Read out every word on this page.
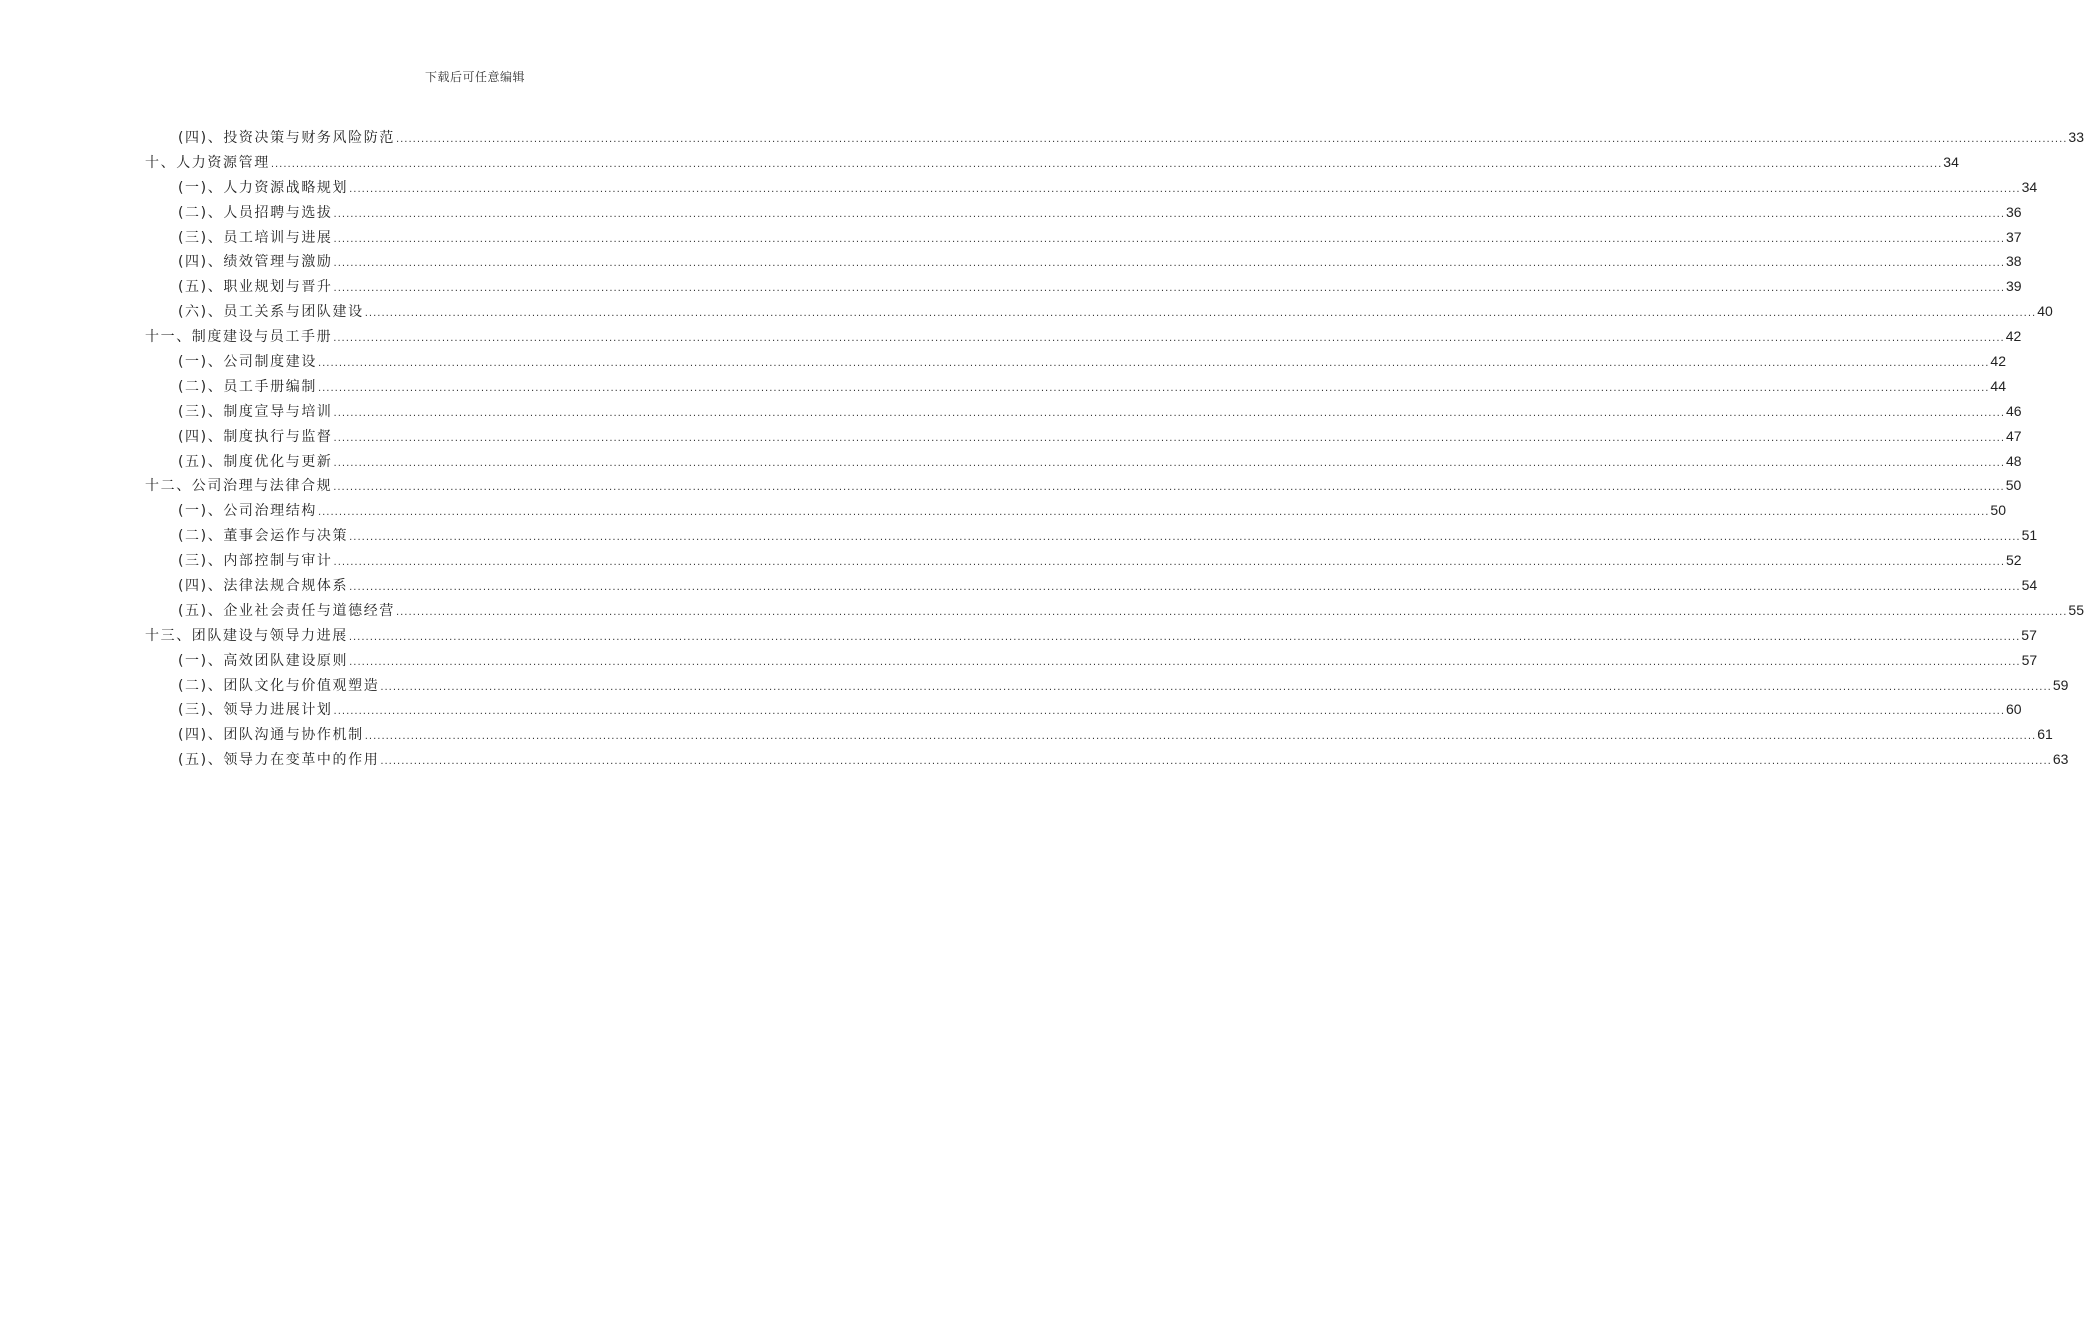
下载后可任意编辑
(四)、投资决策与财务风险防范 ................................................................................................................................................................................................................................................................................................................................................................................................................ 33
十、人力资源管理 ................................................................................................................................................................................................................................................................................................................................................................................................................ 34
(一)、人力资源战略规划 ................................................................................................................................................................................................................................................................................................................................................................................................................ 34
(二)、人员招聘与选拔 ................................................................................................................................................................................................................................................................................................................................................................................................................ 36
(三)、员工培训与进展 ................................................................................................................................................................................................................................................................................................................................................................................................................ 37
(四)、绩效管理与激励 ................................................................................................................................................................................................................................................................................................................................................................................................................ 38
(五)、职业规划与晋升 ................................................................................................................................................................................................................................................................................................................................................................................................................ 39
(六)、员工关系与团队建设 ................................................................................................................................................................................................................................................................................................................................................................................................................ 40
十一、制度建设与员工手册 ................................................................................................................................................................................................................................................................................................................................................................................................................ 42
(一)、公司制度建设 ................................................................................................................................................................................................................................................................................................................................................................................................................ 42
(二)、员工手册编制 ................................................................................................................................................................................................................................................................................................................................................................................................................ 44
(三)、制度宣导与培训 ................................................................................................................................................................................................................................................................................................................................................................................................................ 46
(四)、制度执行与监督 ................................................................................................................................................................................................................................................................................................................................................................................................................ 47
(五)、制度优化与更新 ................................................................................................................................................................................................................................................................................................................................................................................................................ 48
十二、公司治理与法律合规 ................................................................................................................................................................................................................................................................................................................................................................................................................ 50
(一)、公司治理结构 ................................................................................................................................................................................................................................................................................................................................................................................................................ 50
(二)、董事会运作与决策 ................................................................................................................................................................................................................................................................................................................................................................................................................ 51
(三)、内部控制与审计 ................................................................................................................................................................................................................................................................................................................................................................................................................ 52
(四)、法律法规合规体系 ................................................................................................................................................................................................................................................................................................................................................................................................................ 54
(五)、企业社会责任与道德经营 ................................................................................................................................................................................................................................................................................................................................................................................................................ 55
十三、团队建设与领导力进展 ................................................................................................................................................................................................................................................................................................................................................................................................................ 57
(一)、高效团队建设原则 ................................................................................................................................................................................................................................................................................................................................................................................................................ 57
(二)、团队文化与价值观塑造 ................................................................................................................................................................................................................................................................................................................................................................................................................ 59
(三)、领导力进展计划 ................................................................................................................................................................................................................................................................................................................................................................................................................ 60
(四)、团队沟通与协作机制 ................................................................................................................................................................................................................................................................................................................................................................................................................ 61
(五)、领导力在变革中的作用 ................................................................................................................................................................................................................................................................................................................................................................................................................ 63
